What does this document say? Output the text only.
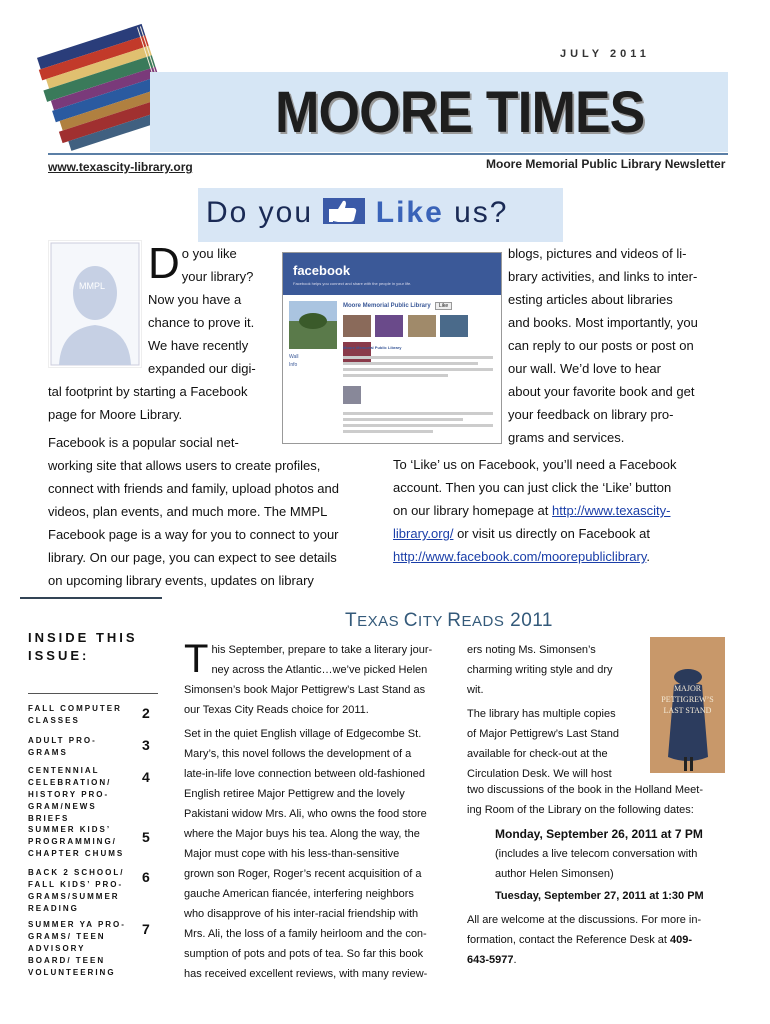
JULY 2011
MOORE TIMES
www.texascity-library.org	Moore Memorial Public Library Newsletter
Do you Like us?
MMPL
facebook
Facebook helps you connect and share with the people in your life.
Moore Memorial Public Library	Like

Wall
Info
Moore Memorial Public Library
D o you like
your library?
Now you have a
chance to prove it.
We have recently
expanded our digi-
tal footprint by starting a Facebook
page for Moore Library.
Facebook is a popular social net-
working site that allows users to create profiles,
connect with friends and family, upload photos and
videos, plan events, and much more. The MMPL
Facebook page is a way for you to connect to your
library. On our page, you can expect to see details
on upcoming library events, updates on library
blogs, pictures and videos of li-
brary activities, and links to inter-
esting articles about libraries
and books. Most importantly, you
can reply to our posts or post on
our wall. We’d love to hear
about your favorite book and get
your feedback on library pro-
grams and services.
To ‘Like’ us on Facebook, you’ll need a Facebook
account. Then you can just click the ‘Like’ button
on our library homepage at http://www.texascity-
library.org/ or visit us directly on Facebook at
http://www.facebook.com/moorepubliclibrary.
INSIDE THIS
ISSUE:
FALL COMPUTER CLASSES	2
ADULT PRO- GRAMS	3
CENTENNIAL CELEBRATION/ HISTORY PRO- GRAM/NEWS BRIEFS
4
SUMMER KIDS’ PROGRAMMING/ CHAPTER CHUMS
5
BACK 2 SCHOOL/ FALL KIDS’ PRO- GRAMS/SUMMER READING
6
SUMMER YA PRO- GRAMS/ TEEN ADVISORY BOARD/ TEEN VOLUNTEERING
7
TEXAS CITY READS 2011
T his September, prepare to take a literary jour-
ney across the Atlantic…we’ve picked Helen
Simonsen’s book Major Pettigrew’s Last Stand as
our Texas City Reads choice for 2011.
Set in the quiet English village of Edgecombe St.
Mary’s, this novel follows the development of a
late-in-life love connection between old-fashioned
English retiree Major Pettigrew and the lovely
Pakistani widow Mrs. Ali, who owns the food store
where the Major buys his tea. Along the way, the
Major must cope with his less-than-sensitive
grown son Roger, Roger’s recent acquisition of a
gauche American fiancée, interfering neighbors
who disapprove of his inter-racial friendship with
Mrs. Ali, the loss of a family heirloom and the con-
sumption of pots and pots of tea. So far this book
has received excellent reviews, with many review-
ers noting Ms. Simonsen’s
charming writing style and dry
wit.
The library has multiple copies
of Major Pettigrew’s Last Stand
available for check-out at the
Circulation Desk. We will host
two discussions of the book in the Holland Meet-
ing Room of the Library on the following dates:
Monday, September 26, 2011 at 7 PM
(includes a live telecom conversation with
author Helen Simonsen)
Tuesday, September 27, 2011 at 1:30 PM
All are welcome at the discussions. For more in-
formation, contact the Reference Desk at 409-
643-5977.
MAJOR
PETTIGREW’S
LAST STAND
